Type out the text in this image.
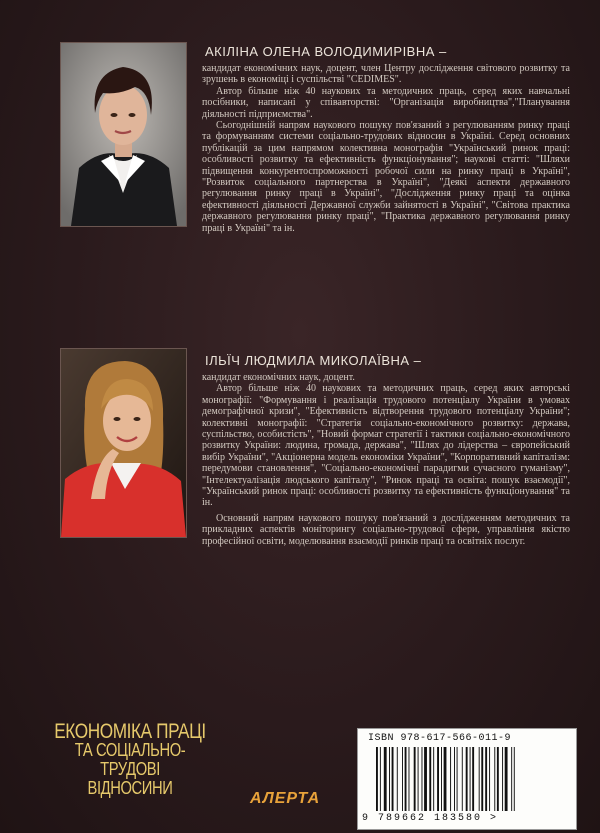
АКІЛІНА ОЛЕНА ВОЛОДИМИРІВНА –

кандидат економічних наук, доцент, член Центру дослідження світового розвитку та зрушень в економіці і суспільстві "CEDIMES".

Автор більше ніж 40 наукових та методичних праць, серед яких навчальні посібники, написані у співавторстві: "Організація виробництва","Планування діяльності підприємства".

Сьогоднішній напрям наукового пошуку пов'язаний з регулюванням ринку праці та формуванням системи соціально-трудових відносин в Україні. Серед основних публікацій за цим напрямом колективна монографія "Український ринок праці: особливості розвитку та ефективність функціонування"; наукові статті: "Шляхи підвищення конкурентоспроможності робочої сили на ринку праці в Україні", "Розвиток соціального партнерства в Україні", "Деякі аспекти державного регулювання ринку праці в Україні", "Дослідження ринку праці та оцінка ефективності діяльності Державної служби зайнятості в Україні", "Світова практика державного регулювання ринку праці", "Практика державного регулювання ринку праці в Україні" та ін.

ІЛЬЇЧ ЛЮДМИЛА МИКОЛАЇВНА –

кандидат економічних наук, доцент.

Автор більше ніж 40 наукових та методичних праць, серед яких авторські монографії: "Формування і реалізація трудового потенціалу України в умовах демографічної кризи", "Ефективність відтворення трудового потенціалу України"; колективні монографії: "Стратегія соціально-економічного розвитку: держава, суспільство, особистість", "Новий формат стратегії і тактики соціально-економічного розвитку України: людина, громада, держава", "Шлях до лідерства – європейський вибір України", "Акціонерна модель економіки України", "Корпоративний капіталізм: передумови становлення", "Соціально-економічні парадигми сучасного гуманізму", "Інтелектуалізація людського капіталу", "Ринок праці та освіта: пошук взаємодії", "Український ринок праці: особливості розвитку та ефективність функціонування" та ін.

Основний напрям наукового пошуку пов'язаний з дослідженням методичних та прикладних аспектів моніторингу соціально-трудової сфери, управління якістю професійної освіти, моделювання взаємодії ринків праці та освітніх послуг.

ЕКОНОМІКА ПРАЦІ
ТА СОЦІАЛЬНО-
ТРУДОВІ
ВІДНОСИНИ
АЛЕРТА
ISBN 978-617-566-011-9
9 789662 183580 >
